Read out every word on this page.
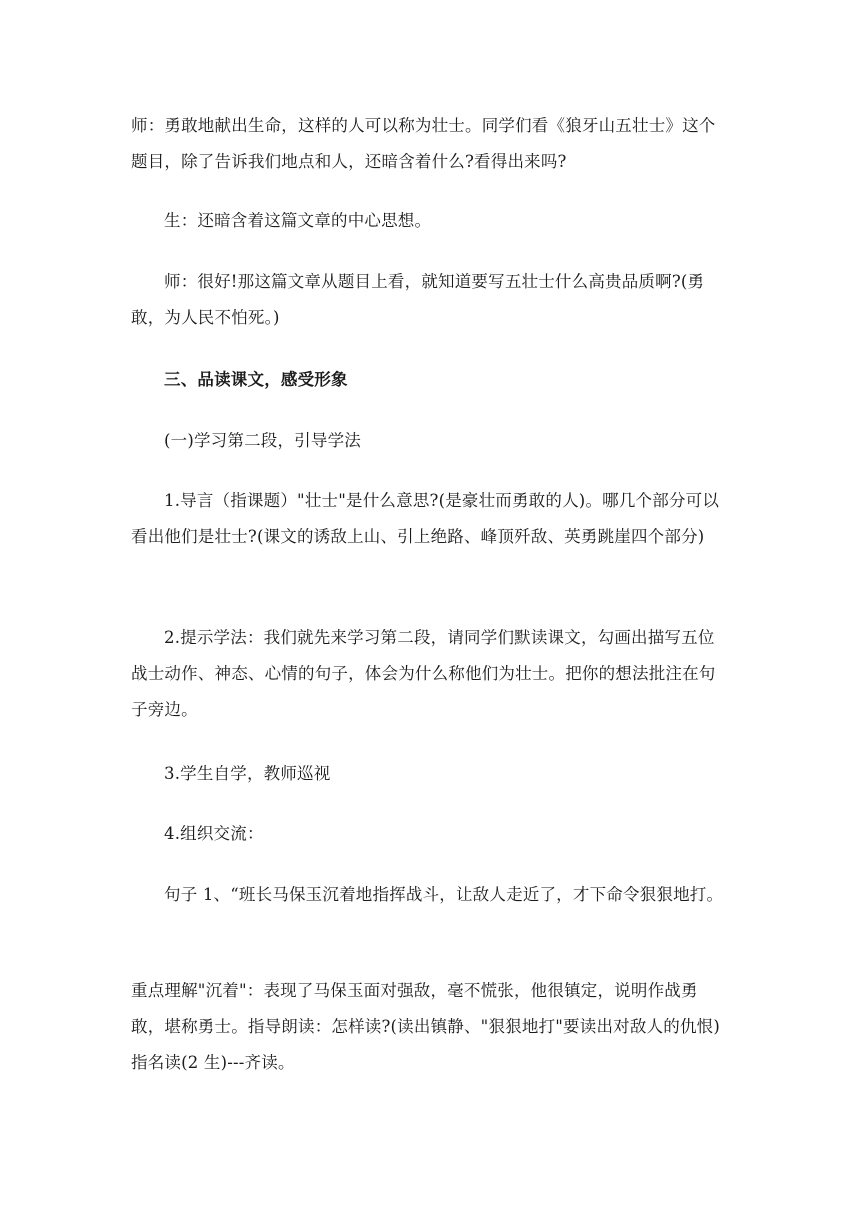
师：勇敢地献出生命，这样的人可以称为壮士。同学们看《狼牙山五壮士》这个题目，除了告诉我们地点和人，还暗含着什么?看得出来吗?

生：还暗含着这篇文章的中心思想。

师：很好!那这篇文章从题目上看，就知道要写五壮士什么高贵品质啊?(勇敢，为人民不怕死。)

三、品读课文，感受形象

(一)学习第二段，引导学法

1.导言（指课题）"壮士"是什么意思?(是豪壮而勇敢的人)。哪几个部分可以看出他们是壮士?(课文的诱敌上山、引上绝路、峰顶歼敌、英勇跳崖四个部分)

2.提示学法：我们就先来学习第二段，请同学们默读课文，勾画出描写五位战士动作、神态、心情的句子，体会为什么称他们为壮士。把你的想法批注在句子旁边。

3.学生自学，教师巡视

4.组织交流：

句子 1、“班长马保玉沉着地指挥战斗，让敌人走近了，才下命令狠狠地打。

重点理解"沉着"：表现了马保玉面对强敌，毫不慌张，他很镇定，说明作战勇敢，堪称勇士。指导朗读：怎样读?(读出镇静、"狠狠地打"要读出对敌人的仇恨)指名读(2 生)---齐读。
